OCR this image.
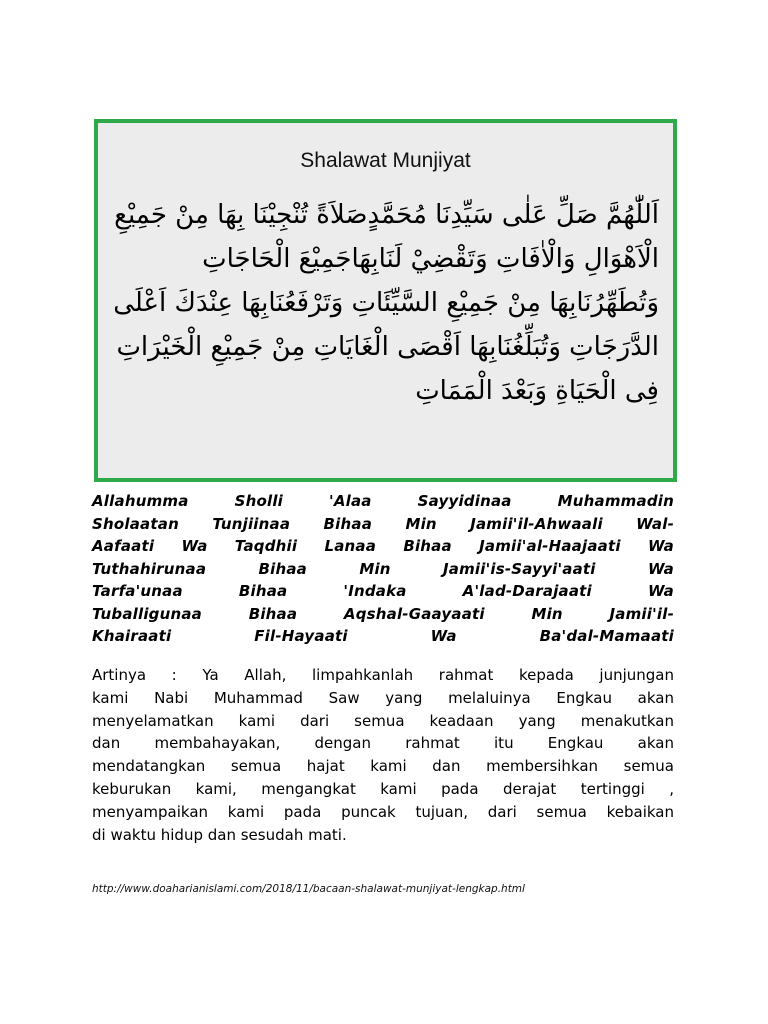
Shalawat Munjiyat
اَللّٰهُمَّ صَلِّ عَلٰى سَيِّدِنَا مُحَمَّدٍصَلاَةً تُنْجِيْنَا بِهَا مِنْ جَمِيْعِ
الْاَهْوَالِ وَالْاٰفَاتِ وَتَقْضِيْ لَنَابِهَاجَمِيْعَ الْحَاجَاتِ
وَتُطَهِّرُنَابِهَا مِنْ جَمِيْعِ السَّيِّئَاتِ وَتَرْفَعُنَابِهَا عِنْدَكَ اَعْلَى
الدَّرَجَاتِ وَتُبَلِّغُنَابِهَا اَقْصَى الْغَايَاتِ مِنْ جَمِيْعِ الْخَيْرَاتِ
فِى الْحَيَاةِ وَبَعْدَ الْمَمَاتِ
Allahumma Sholli 'Alaa Sayyidinaa Muhammadin
Sholaatan Tunjiinaa Bihaa Min Jamii'il-Ahwaali Wal-
Aafaati Wa Taqdhii Lanaa Bihaa Jamii'al-Haajaati Wa
Tuthahirunaa Bihaa Min Jamii'is-Sayyi'aati Wa
Tarfa'unaa Bihaa 'Indaka A'lad-Darajaati Wa
Tuballigunaa Bihaa Aqshal-Gaayaati Min Jamii'il-
Khairaati Fil-Hayaati Wa Ba'dal-Mamaati
Artinya : Ya Allah, limpahkanlah rahmat kepada junjungan
kami Nabi Muhammad Saw yang melaluinya Engkau akan
menyelamatkan kami dari semua keadaan yang menakutkan
dan membahayakan, dengan rahmat itu Engkau akan
mendatangkan semua hajat kami dan membersihkan semua
keburukan kami, mengangkat kami pada derajat tertinggi ,
menyampaikan kami pada puncak tujuan, dari semua kebaikan
di waktu hidup dan sesudah mati.
http://www.doaharianislami.com/2018/11/bacaan-shalawat-munjiyat-lengkap.html
